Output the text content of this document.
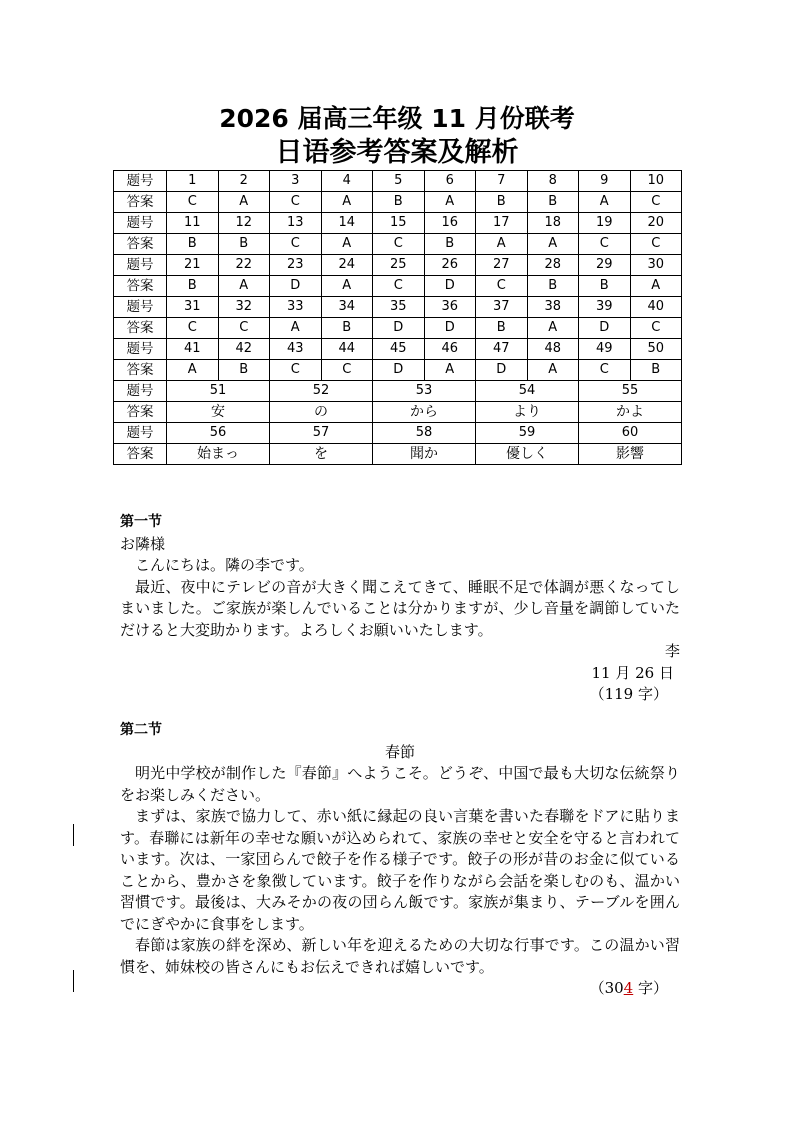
2026 届高三年级 11 月份联考
日语参考答案及解析
题号	1	2	3	4	5	6	7	8	9	10
答案	C	A	C	A	B	A	B	B	A	C
题号	11	12	13	14	15	16	17	18	19	20
答案	B	B	C	A	C	B	A	A	C	C
题号	21	22	23	24	25	26	27	28	29	30
答案	B	A	D	A	C	D	C	B	B	A
题号	31	32	33	34	35	36	37	38	39	40
答案	C	C	A	B	D	D	B	A	D	C
题号	41	42	43	44	45	46	47	48	49	50
答案	A	B	C	C	D	A	D	A	C	B
题号	51		52		53		54		55	
答案	安		の		から		より		かよ	
题号	56		57		58		59		60	
答案	始まっ		を		聞か		優しく		影響	
第一节
お隣様
こんにちは。隣の李です。
最近、夜中にテレビの音が大きく聞こえてきて、睡眠不足で体調が悪くなってしまいました。ご家族が楽しんでいることは分かりますが、少し音量を調節していただけると大変助かります。よろしくお願いいたします。
李
11 月 26 日
（119 字）
第二节
春節
明光中学校が制作した『春節』へようこそ。どうぞ、中国で最も大切な伝統祭りをお楽しみください。
まずは、家族で協力して、赤い紙に縁起の良い言葉を書いた春聯をドアに貼ります。春聯には新年の幸せな願いが込められて、家族の幸せと安全を守ると言われています。次は、一家団らんで餃子を作る様子です。餃子の形が昔のお金に似ていることから、豊かさを象徴しています。餃子を作りながら会話を楽しむのも、温かい習慣です。最後は、大みそかの夜の団らん飯です。家族が集まり、テーブルを囲んでにぎやかに食事をします。
春節は家族の絆を深め、新しい年を迎えるための大切な行事です。この温かい習慣を、姉妹校の皆さんにもお伝えできれば嬉しいです。
（304 字）
